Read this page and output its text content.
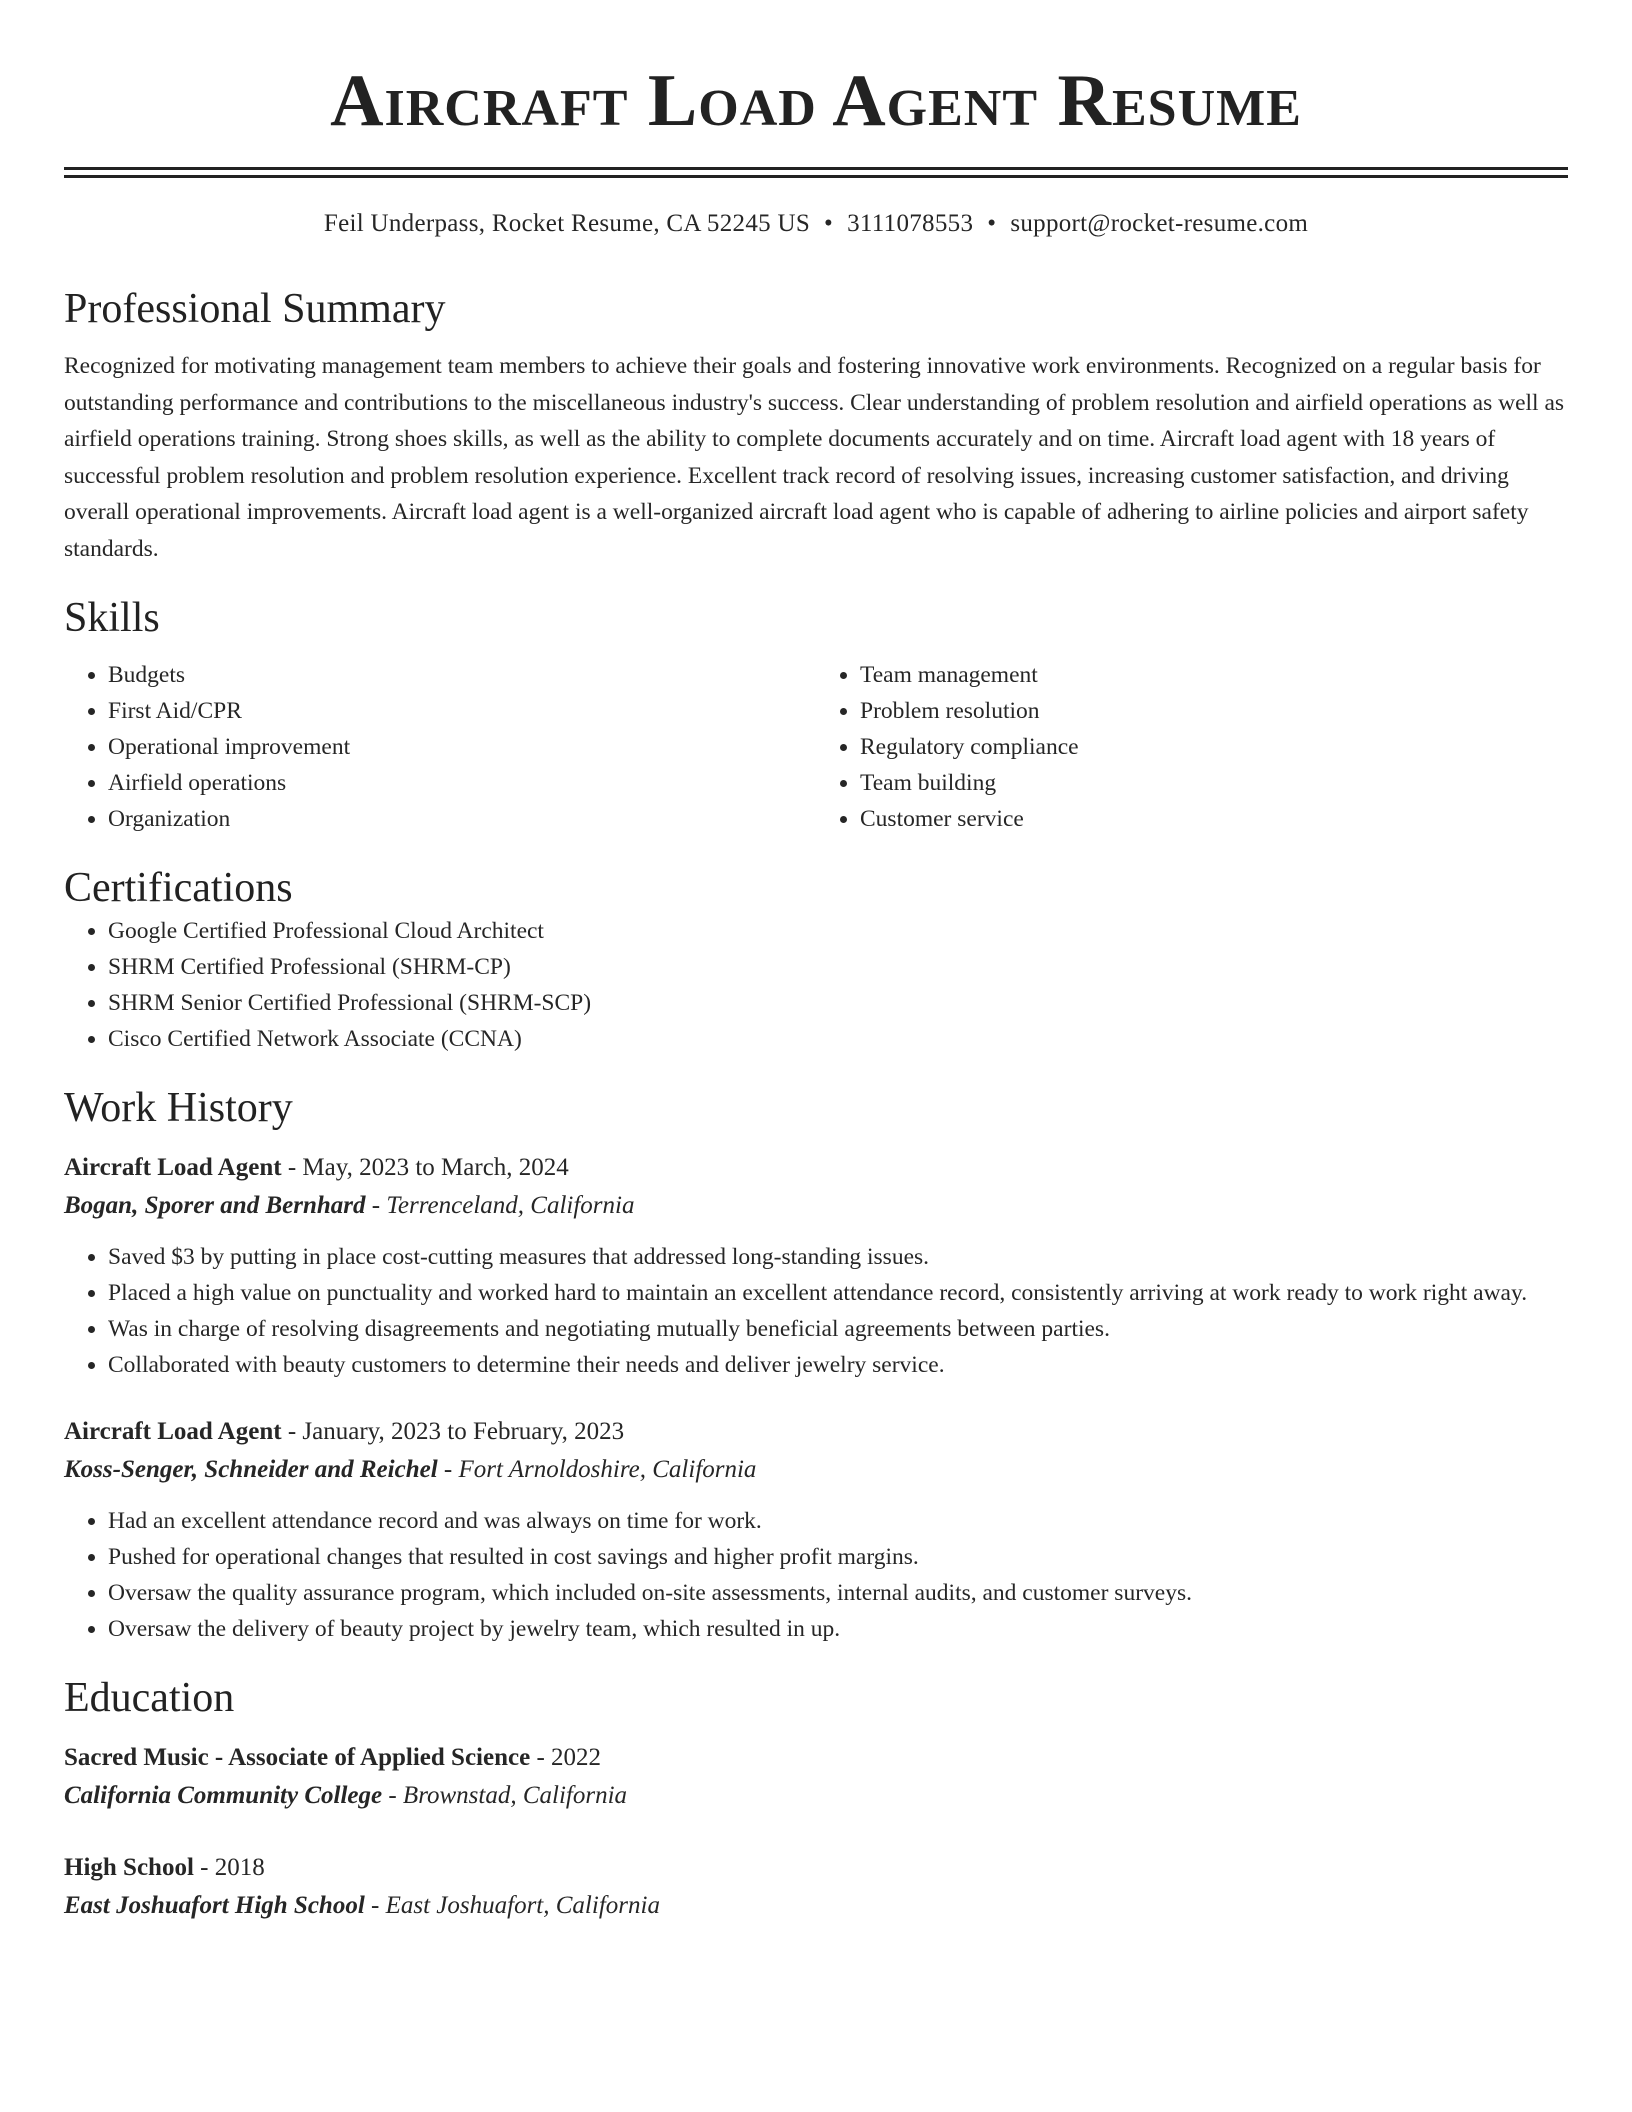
Aircraft Load Agent Resume
Feil Underpass, Rocket Resume, CA 52245 US • 3111078553 • support@rocket-resume.com
Professional Summary

Recognized for motivating management team members to achieve their goals and fostering innovative work environments. Recognized on a regular basis for outstanding performance and contributions to the miscellaneous industry's success. Clear understanding of problem resolution and airfield operations as well as airfield operations training. Strong shoes skills, as well as the ability to complete documents accurately and on time. Aircraft load agent with 18 years of successful problem resolution and problem resolution experience. Excellent track record of resolving issues, increasing customer satisfaction, and driving overall operational improvements. Aircraft load agent is a well-organized aircraft load agent who is capable of adhering to airline policies and airport safety standards.

Skills
• Budgets
• First Aid/CPR
• Operational improvement
• Airfield operations
• Organization
• Team management
• Problem resolution
• Regulatory compliance
• Team building
• Customer service
Certifications
• Google Certified Professional Cloud Architect
• SHRM Certified Professional (SHRM-CP)
• SHRM Senior Certified Professional (SHRM-SCP)
• Cisco Certified Network Associate (CCNA)
Work History
Aircraft Load Agent - May, 2023 to March, 2024
Bogan, Sporer and Bernhard - Terrenceland, California
• Saved $3 by putting in place cost-cutting measures that addressed long-standing issues.
• Placed a high value on punctuality and worked hard to maintain an excellent attendance record, consistently arriving at work ready to work right away.
• Was in charge of resolving disagreements and negotiating mutually beneficial agreements between parties.
• Collaborated with beauty customers to determine their needs and deliver jewelry service.
Aircraft Load Agent - January, 2023 to February, 2023
Koss-Senger, Schneider and Reichel - Fort Arnoldoshire, California
• Had an excellent attendance record and was always on time for work.
• Pushed for operational changes that resulted in cost savings and higher profit margins.
• Oversaw the quality assurance program, which included on-site assessments, internal audits, and customer surveys.
• Oversaw the delivery of beauty project by jewelry team, which resulted in up.
Education
Sacred Music - Associate of Applied Science - 2022
California Community College - Brownstad, California
High School - 2018
East Joshuafort High School - East Joshuafort, California
